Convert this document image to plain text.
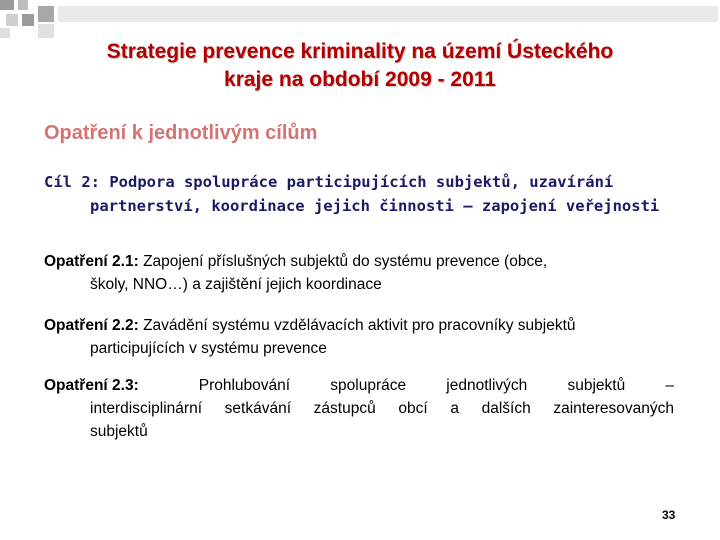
Strategie prevence kriminality na území Ústeckého
kraje na období 2009 - 2011
Opatření k jednotlivým cílům
Cíl 2: Podpora spolupráce participujících subjektů, uzavírání
partnerství, koordinace jejich činnosti – zapojení veřejnosti
Opatření 2.1: Zapojení příslušných subjektů do systému prevence (obce,
školy, NNO…) a zajištění jejich koordinace
Opatření 2.2: Zavádění systému vzdělávacích aktivit pro pracovníky subjektů
participujících v systému prevence
Opatření 2.3:	Prohlubování spolupráce jednotlivých subjektů –
interdisciplinární setkávání zástupců obcí a dalších zainteresovaných
subjektů
33
